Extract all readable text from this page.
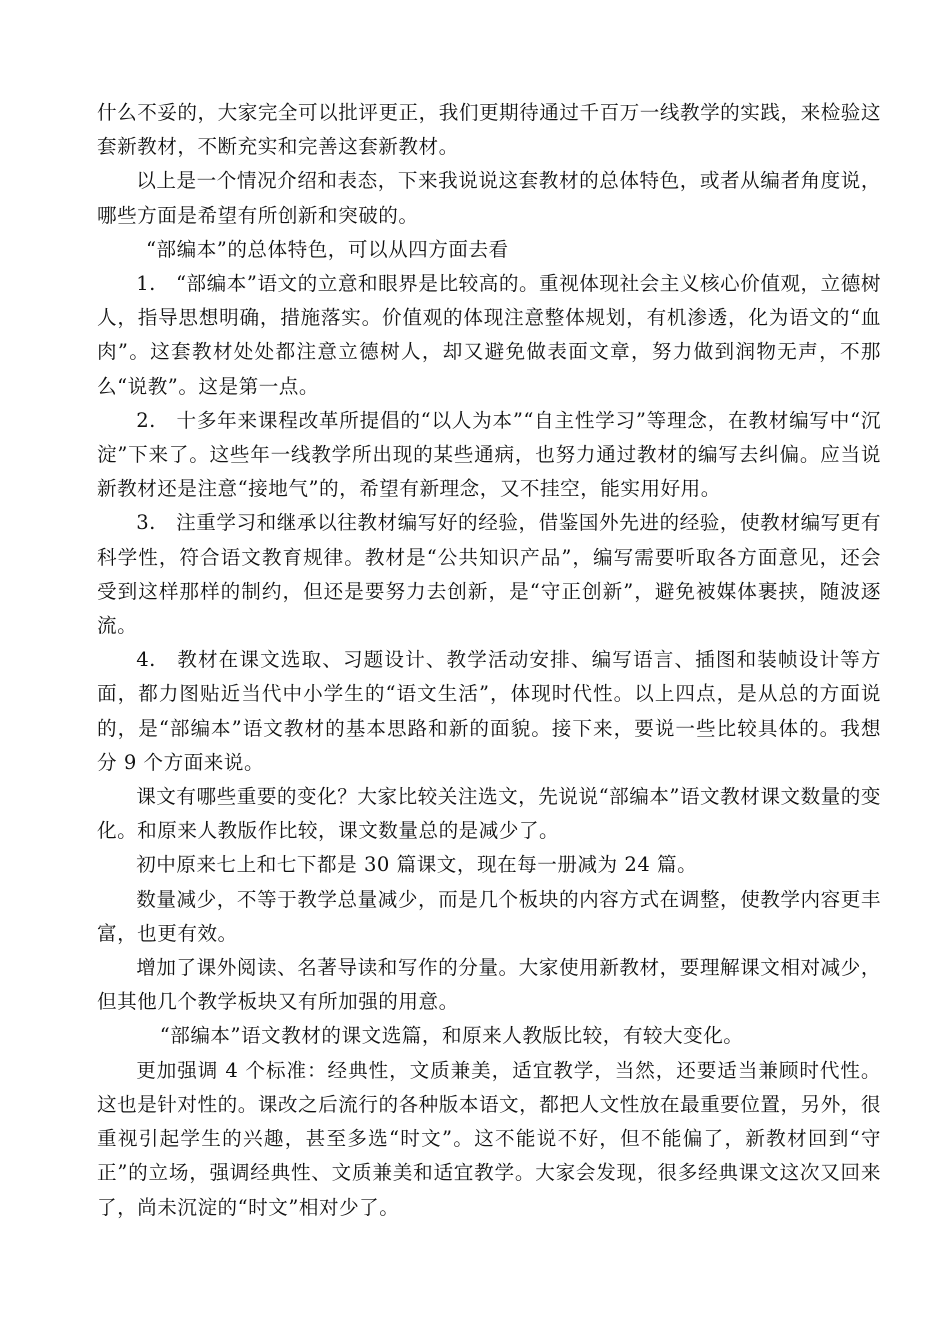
什么不妥的，大家完全可以批评更正，我们更期待通过千百万一线教学的实践，来检验这套新教材，不断充实和完善这套新教材。

以上是一个情况介绍和表态，下来我说说这套教材的总体特色，或者从编者角度说，哪些方面是希望有所创新和突破的。

“部编本”的总体特色，可以从四方面去看

1.　“部编本”语文的立意和眼界是比较高的。重视体现社会主义核心价值观，立德树人，指导思想明确，措施落实。价值观的体现注意整体规划，有机渗透，化为语文的“血肉”。这套教材处处都注意立德树人，却又避免做表面文章，努力做到润物无声，不那么“说教”。这是第一点。

2.　十多年来课程改革所提倡的“以人为本”“自主性学习”等理念，在教材编写中“沉淀”下来了。这些年一线教学所出现的某些通病，也努力通过教材的编写去纠偏。应当说新教材还是注意“接地气”的，希望有新理念，又不挂空，能实用好用。

3.　注重学习和继承以往教材编写好的经验，借鉴国外先进的经验，使教材编写更有科学性，符合语文教育规律。教材是“公共知识产品”，编写需要听取各方面意见，还会受到这样那样的制约，但还是要努力去创新，是“守正创新”，避免被媒体裹挟，随波逐流。

4.　教材在课文选取、习题设计、教学活动安排、编写语言、插图和装帧设计等方面，都力图贴近当代中小学生的“语文生活”，体现时代性。以上四点，是从总的方面说的，是“部编本”语文教材的基本思路和新的面貌。接下来，要说一些比较具体的。我想分 9 个方面来说。

课文有哪些重要的变化？大家比较关注选文，先说说“部编本”语文教材课文数量的变化。和原来人教版作比较，课文数量总的是减少了。

初中原来七上和七下都是 30 篇课文，现在每一册减为 24 篇。

数量减少，不等于教学总量减少，而是几个板块的内容方式在调整，使教学内容更丰富，也更有效。

增加了课外阅读、名著导读和写作的分量。大家使用新教材，要理解课文相对减少，但其他几个教学板块又有所加强的用意。

“部编本”语文教材的课文选篇，和原来人教版比较，有较大变化。

更加强调 4 个标准：经典性，文质兼美，适宜教学，当然，还要适当兼顾时代性。这也是针对性的。课改之后流行的各种版本语文，都把人文性放在最重要位置，另外，很重视引起学生的兴趣，甚至多选“时文”。这不能说不好，但不能偏了，新教材回到“守正”的立场，强调经典性、文质兼美和适宜教学。大家会发现，很多经典课文这次又回来了，尚未沉淀的“时文”相对少了。
